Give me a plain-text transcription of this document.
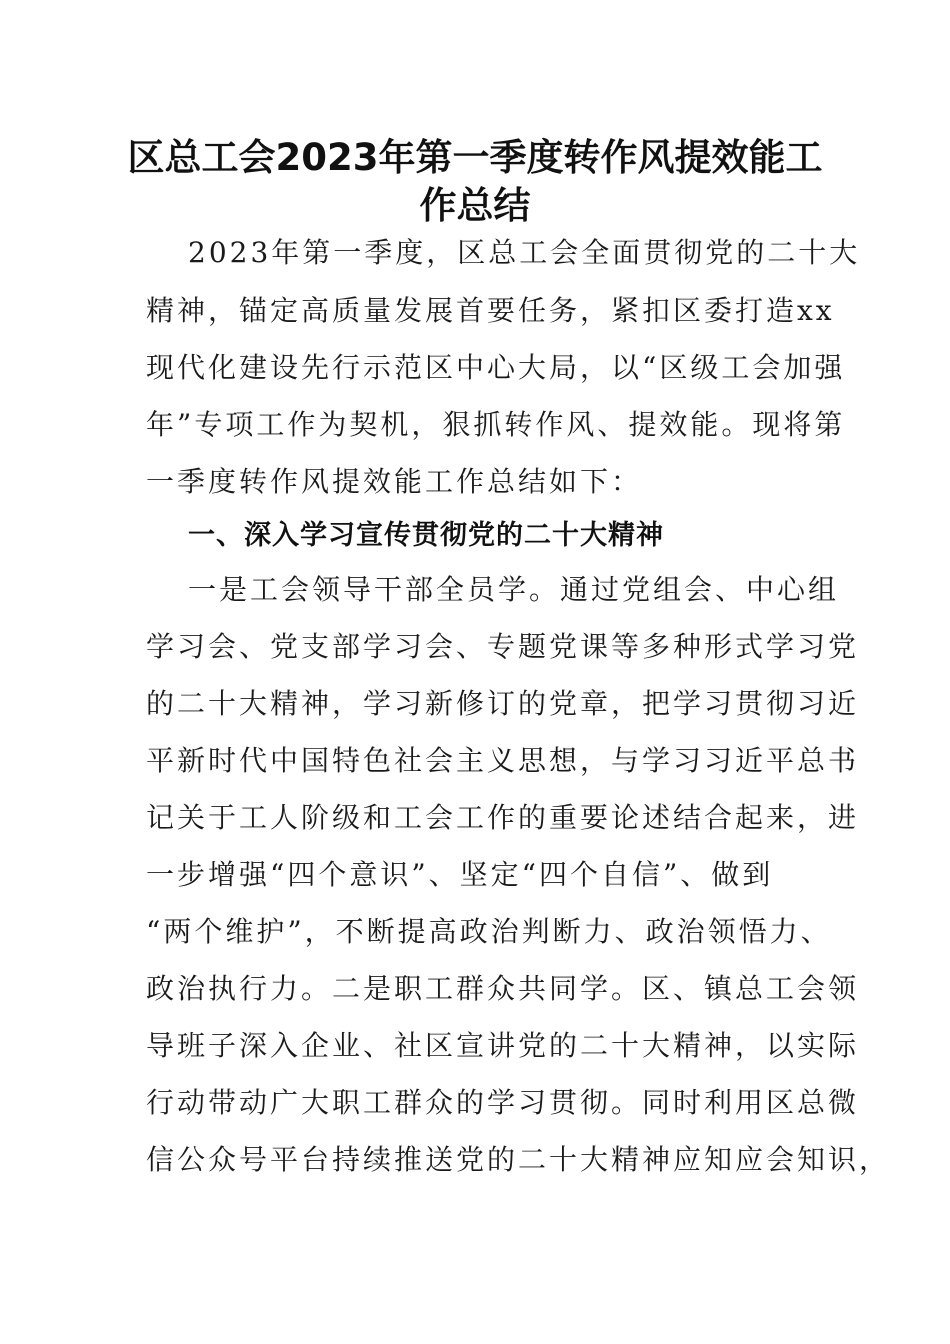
区总工会2023年第一季度转作风提效能工
作总结
2023年第一季度，区总工会全面贯彻党的二十大
精神，锚定高质量发展首要任务，紧扣区委打造xx
现代化建设先行示范区中心大局，以“区级工会加强
年”专项工作为契机，狠抓转作风、提效能。现将第
一季度转作风提效能工作总结如下：
一、深入学习宣传贯彻党的二十大精神
一是工会领导干部全员学。通过党组会、中心组
学习会、党支部学习会、专题党课等多种形式学习党
的二十大精神，学习新修订的党章，把学习贯彻习近
平新时代中国特色社会主义思想，与学习习近平总书
记关于工人阶级和工会工作的重要论述结合起来，进
一步增强“四个意识”、坚定“四个自信”、做到
“两个维护”，不断提高政治判断力、政治领悟力、
政治执行力。二是职工群众共同学。区、镇总工会领
导班子深入企业、社区宣讲党的二十大精神，以实际
行动带动广大职工群众的学习贯彻。同时利用区总微
信公众号平台持续推送党的二十大精神应知应会知识，
